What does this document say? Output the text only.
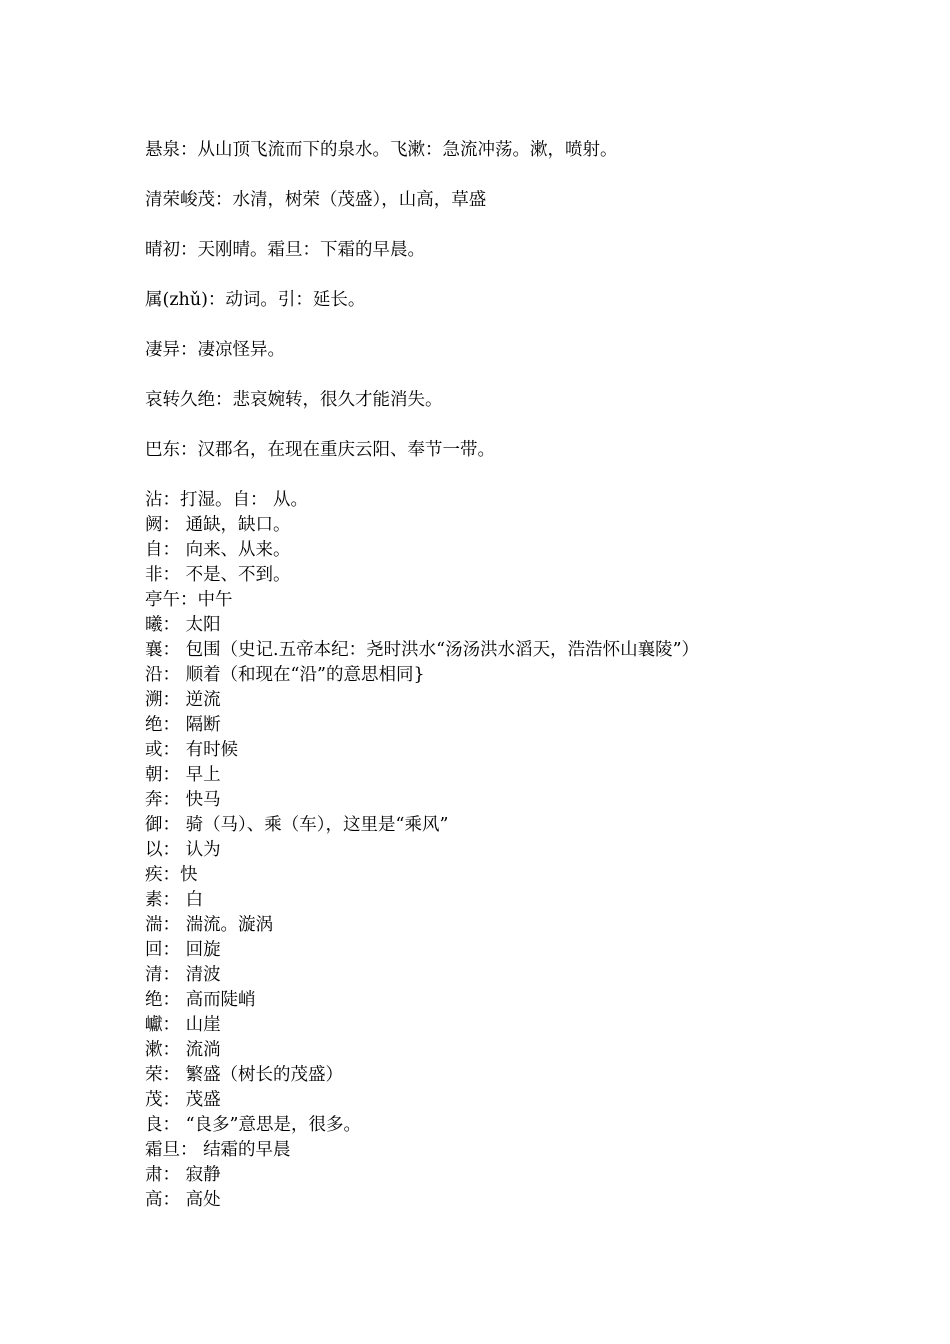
悬泉：从山顶飞流而下的泉水。飞漱：急流冲荡。漱，喷射。

清荣峻茂：水清，树荣（茂盛），山高，草盛

晴初：天刚晴。霜旦：下霜的早晨。

属(zhǔ)：动词。引：延长。

凄异：凄凉怪异。

哀转久绝：悲哀婉转，很久才能消失。

巴东：汉郡名，在现在重庆云阳、奉节一带。

沾：打湿。自： 从。
阙： 通缺，缺口。
自： 向来、从来。
非： 不是、不到。
亭午：中午
曦： 太阳
襄： 包围（史记.五帝本纪：尧时洪水“汤汤洪水滔天，浩浩怀山襄陵”）
沿： 顺着（和现在“沿”的意思相同}
溯： 逆流
绝： 隔断
或： 有时候
朝： 早上
奔： 快马
御： 骑（马）、乘（车），这里是“乘风”
以： 认为
疾：快
素： 白
湍： 湍流。漩涡
回： 回旋
清： 清波
绝： 高而陡峭
巘： 山崖
漱： 流淌
荣： 繁盛（树长的茂盛）
茂： 茂盛
良： “良多”意思是，很多。
霜旦： 结霜的早晨
肃： 寂静
高： 高处
